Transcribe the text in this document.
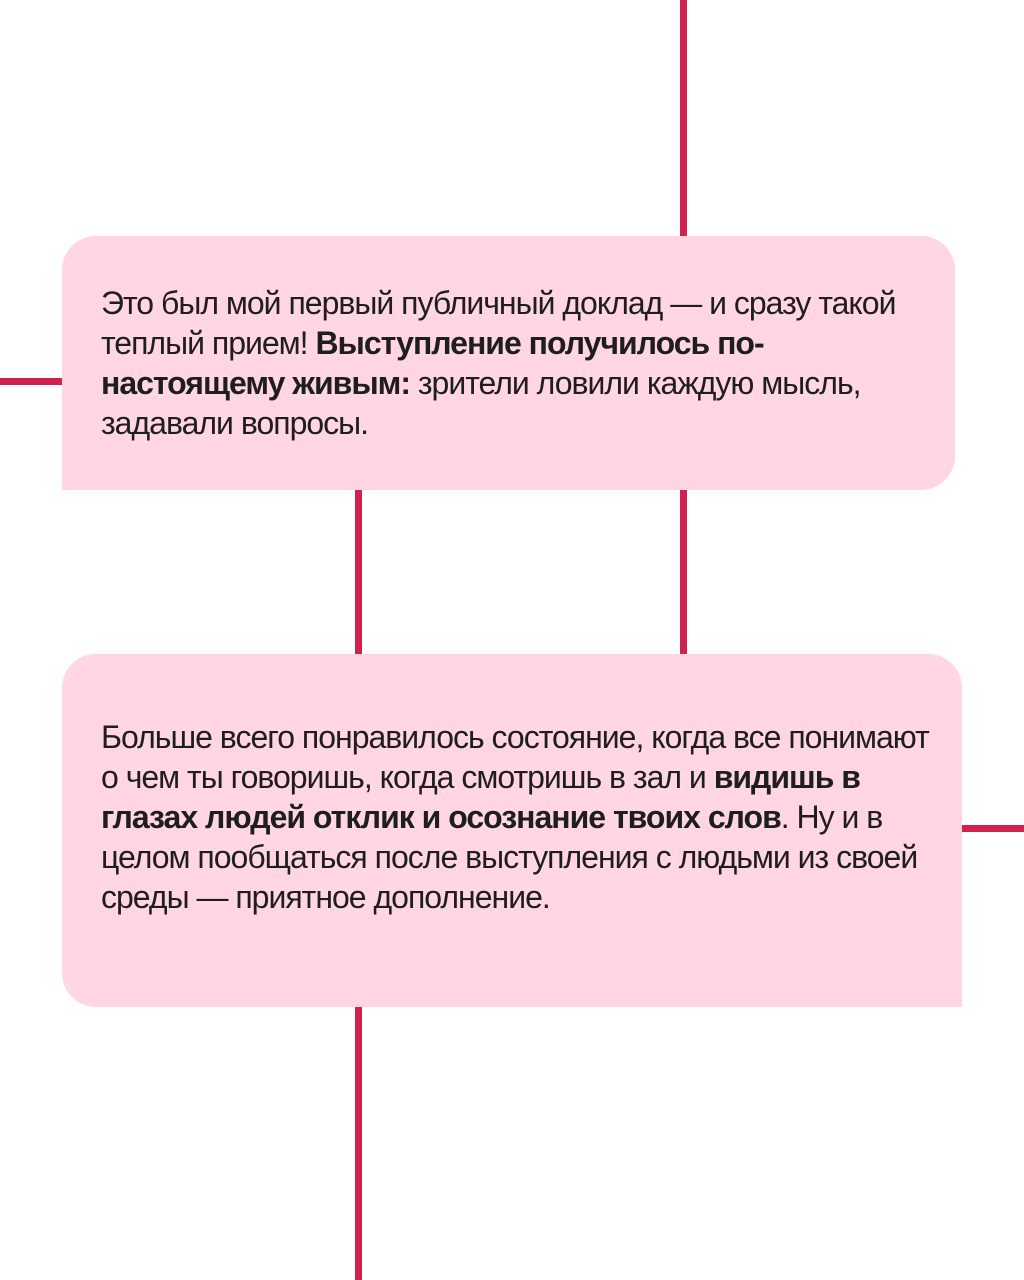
Это был мой первый публичный доклад — и сразу такой теплый прием! Выступление получилось по-настоящему живым: зрители ловили каждую мысль, задавали вопросы.

Больше всего понравилось состояние, когда все понимают о чем ты говоришь, когда смотришь в зал и видишь в глазах людей отклик и осознание твоих слов. Ну и в целом пообщаться после выступления с людьми из своей среды — приятное дополнение.
